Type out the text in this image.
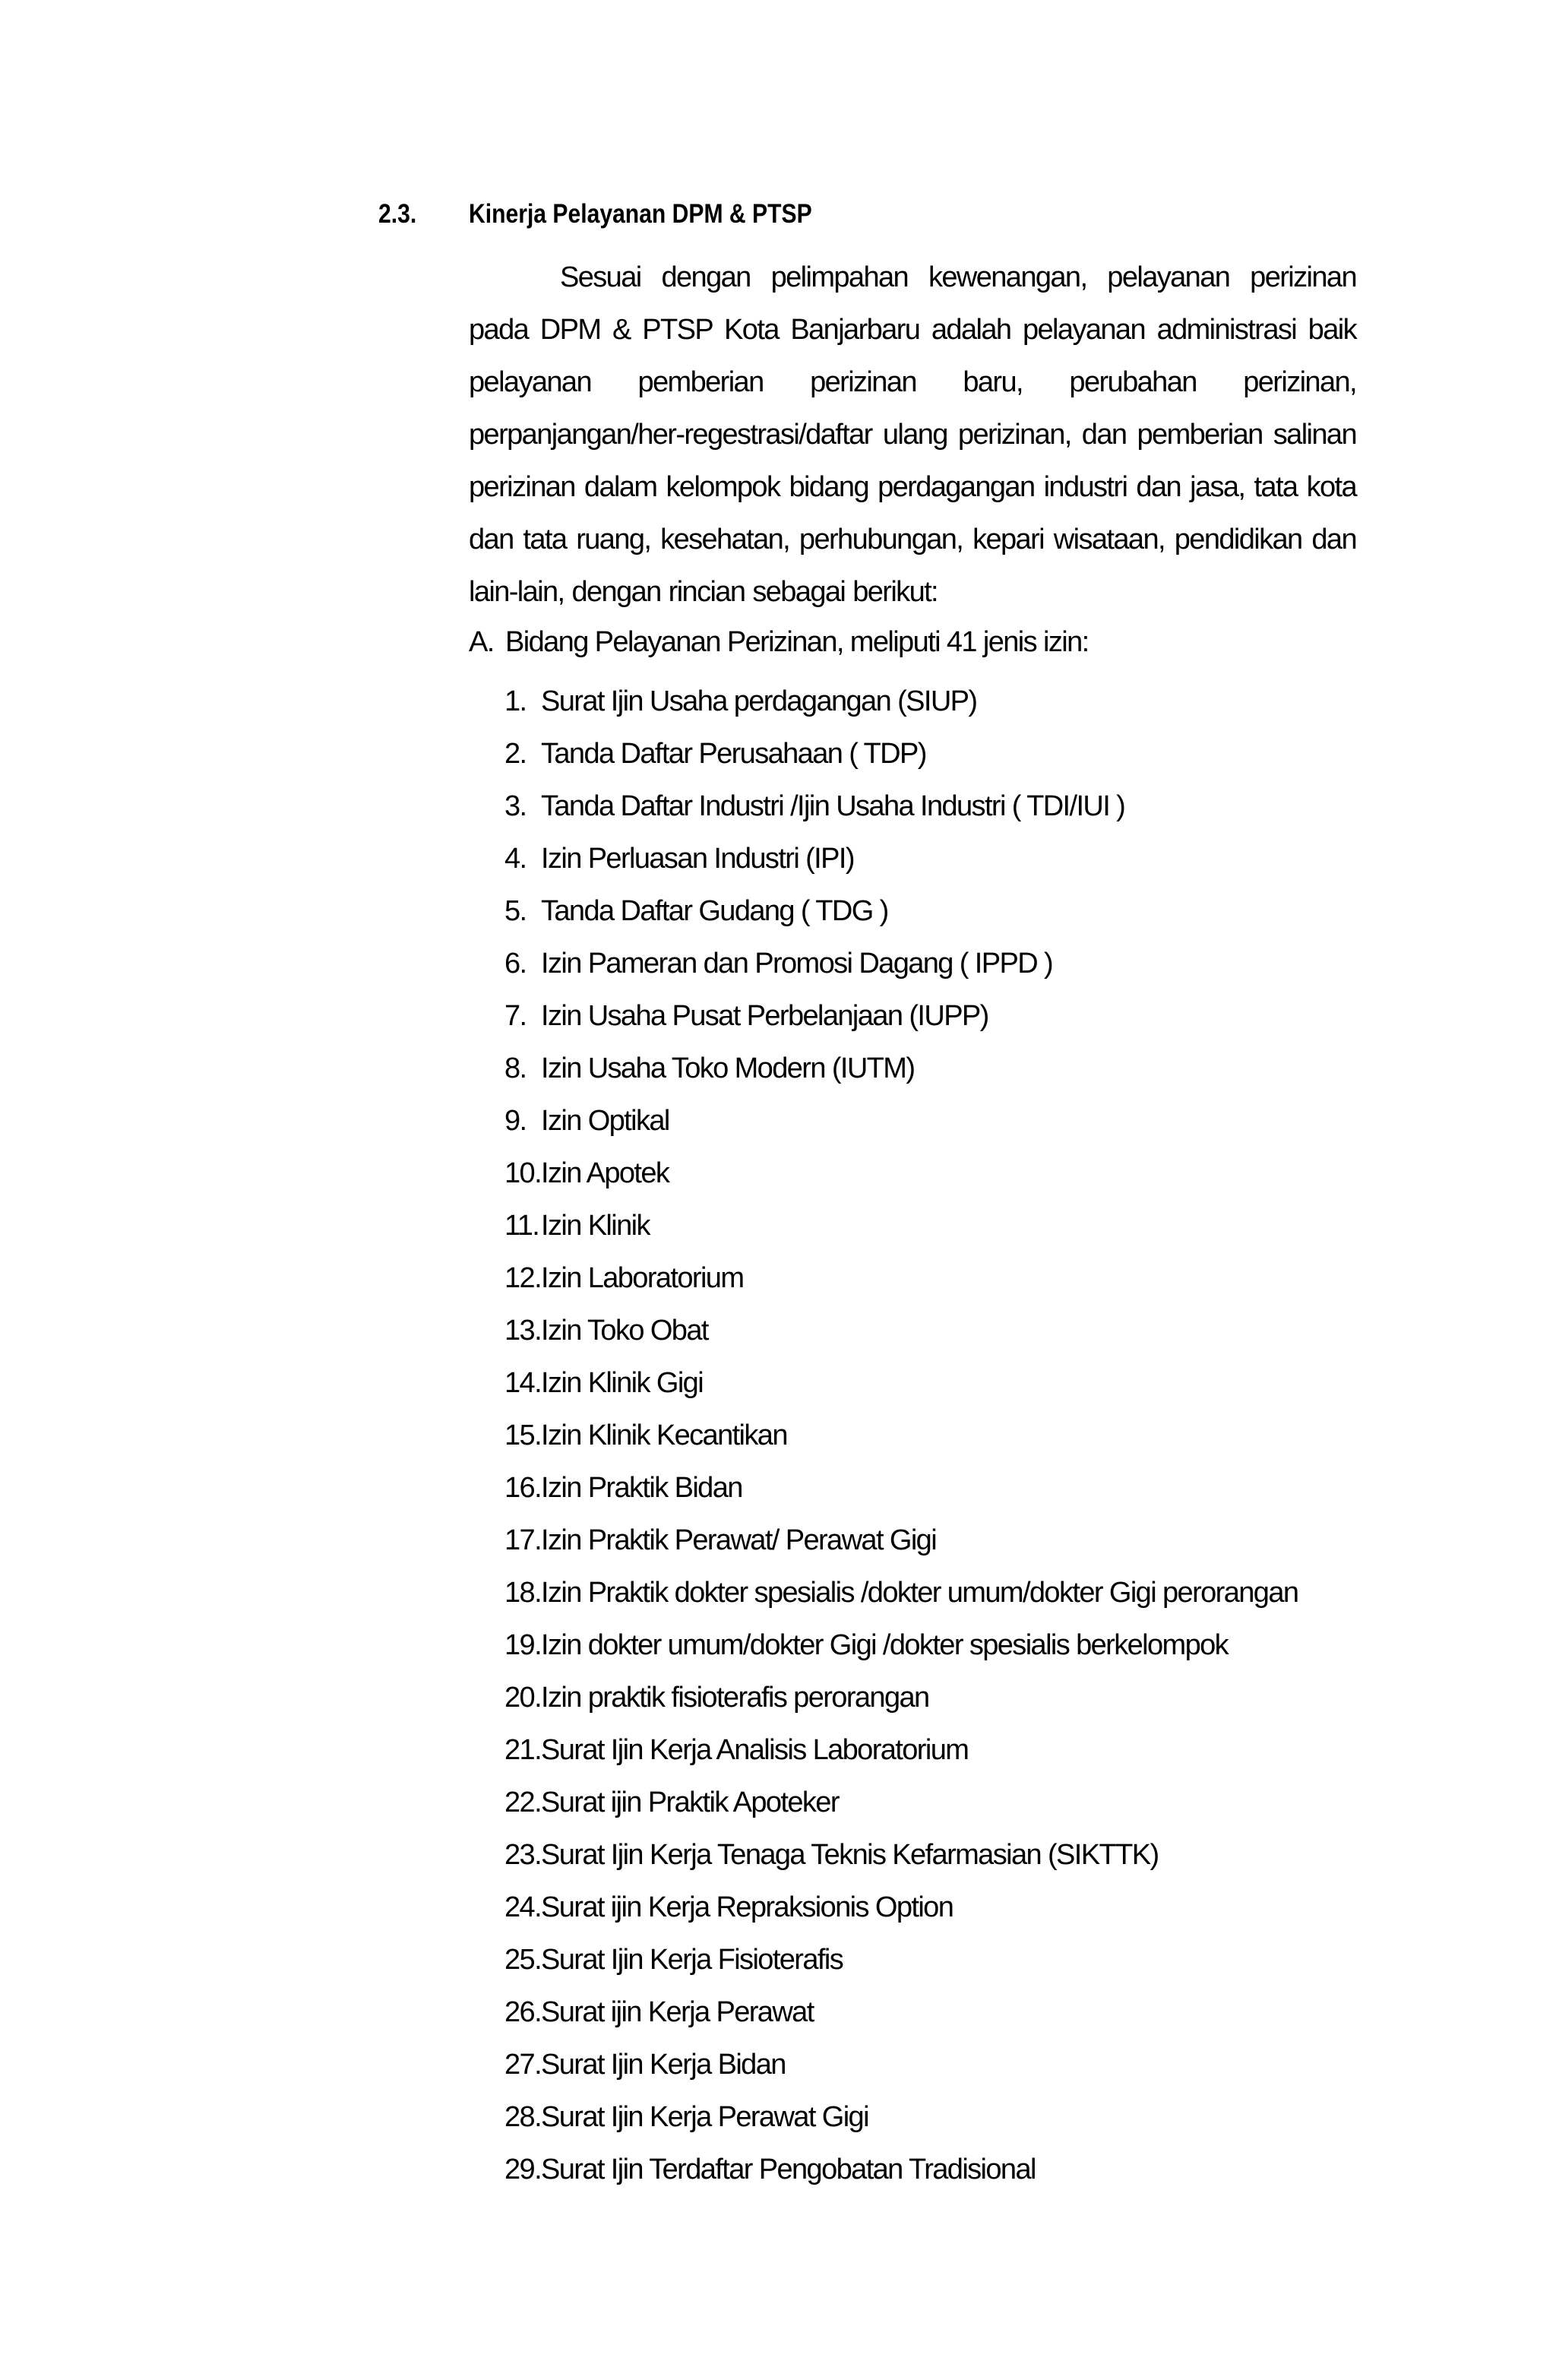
2.3. Kinerja Pelayanan DPM & PTSP

Sesuai dengan pelimpahan kewenangan, pelayanan perizinan pada DPM & PTSP Kota Banjarbaru adalah pelayanan administrasi baik pelayanan pemberian perizinan baru, perubahan perizinan, perpanjangan/her-regestrasi/daftar ulang perizinan, dan pemberian salinan perizinan dalam kelompok bidang perdagangan industri dan jasa, tata kota dan tata ruang, kesehatan, perhubungan, kepari wisataan, pendidikan dan lain-lain, dengan rincian sebagai berikut:

A. Bidang Pelayanan Perizinan, meliputi 41 jenis izin:
1. Surat Ijin Usaha perdagangan (SIUP)
2. Tanda Daftar Perusahaan ( TDP)
3. Tanda Daftar Industri /Ijin Usaha Industri ( TDI/IUI )
4. Izin Perluasan Industri (IPI)
5. Tanda Daftar Gudang ( TDG )
6. Izin Pameran dan Promosi Dagang ( IPPD )
7. Izin Usaha Pusat Perbelanjaan (IUPP)
8. Izin Usaha Toko Modern (IUTM)
9. Izin Optikal
10.Izin Apotek
11.Izin Klinik
12.Izin Laboratorium
13.Izin Toko Obat
14.Izin Klinik Gigi
15.Izin Klinik Kecantikan
16.Izin Praktik Bidan
17.Izin Praktik Perawat/ Perawat Gigi
18.Izin Praktik dokter spesialis /dokter umum/dokter Gigi perorangan
19.Izin dokter umum/dokter Gigi /dokter spesialis berkelompok
20.Izin praktik fisioterafis perorangan
21.Surat Ijin Kerja Analisis Laboratorium
22.Surat ijin Praktik Apoteker
23.Surat Ijin Kerja Tenaga Teknis Kefarmasian (SIKTTK)
24.Surat ijin Kerja Repraksionis Option
25.Surat Ijin Kerja Fisioterafis
26.Surat ijin Kerja Perawat
27.Surat Ijin Kerja Bidan
28.Surat Ijin Kerja Perawat Gigi
29.Surat Ijin Terdaftar Pengobatan Tradisional
